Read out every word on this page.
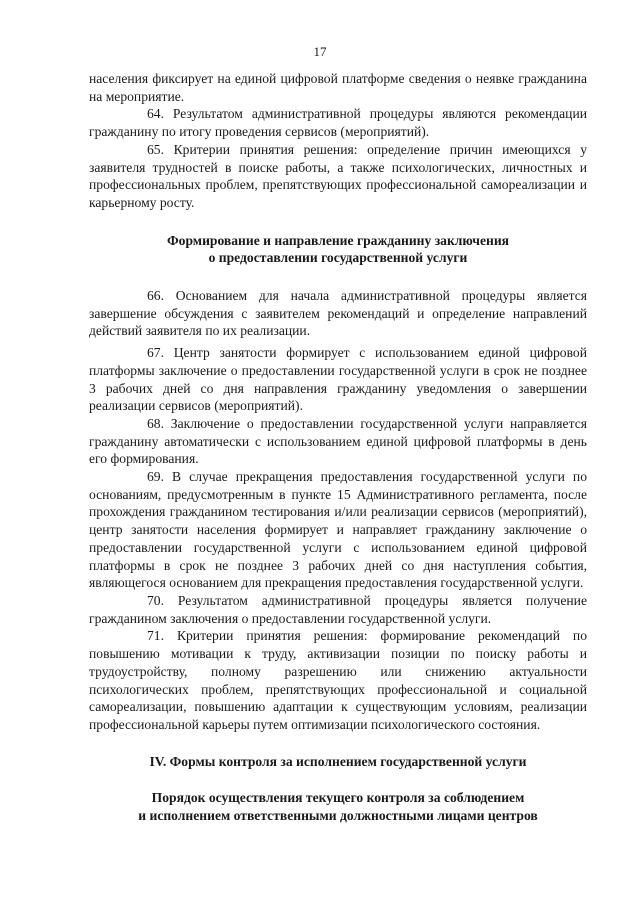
17

населения фиксирует на единой цифровой платформе сведения о неявке гражданина на мероприятие.

64. Результатом административной процедуры являются рекомендации гражданину по итогу проведения сервисов (мероприятий).

65. Критерии принятия решения: определение причин имеющихся у заявителя трудностей в поиске работы, а также психологических, личностных и профессиональных проблем, препятствующих профессиональной самореализации и карьерному росту.

Формирование и направление гражданину заключения
о предоставлении государственной услуги

66. Основанием для начала административной процедуры является завершение обсуждения с заявителем рекомендаций и определение направлений действий заявителя по их реализации.

67. Центр занятости формирует с использованием единой цифровой платформы заключение о предоставлении государственной услуги в срок не позднее 3 рабочих дней со дня направления гражданину уведомления о завершении реализации сервисов (мероприятий).

68. Заключение о предоставлении государственной услуги направляется гражданину автоматически с использованием единой цифровой платформы в день его формирования.

69. В случае прекращения предоставления государственной услуги по основаниям, предусмотренным в пункте 15 Административного регламента, после прохождения гражданином тестирования и/или реализации сервисов (мероприятий), центр занятости населения формирует и направляет гражданину заключение о предоставлении государственной услуги с использованием единой цифровой платформы в срок не позднее 3 рабочих дней со дня наступления события, являющегося основанием для прекращения предоставления государственной услуги.

70. Результатом административной процедуры является получение гражданином заключения о предоставлении государственной услуги.

71. Критерии принятия решения: формирование рекомендаций по повышению мотивации к труду, активизации позиции по поиску работы и трудоустройству, полному разрешению или снижению актуальности психологических проблем, препятствующих профессиональной и социальной самореализации, повышению адаптации к существующим условиям, реализации профессиональной карьеры путем оптимизации психологического состояния.

IV. Формы контроля за исполнением государственной услуги
Порядок осуществления текущего контроля за соблюдением
и исполнением ответственными должностными лицами центров
